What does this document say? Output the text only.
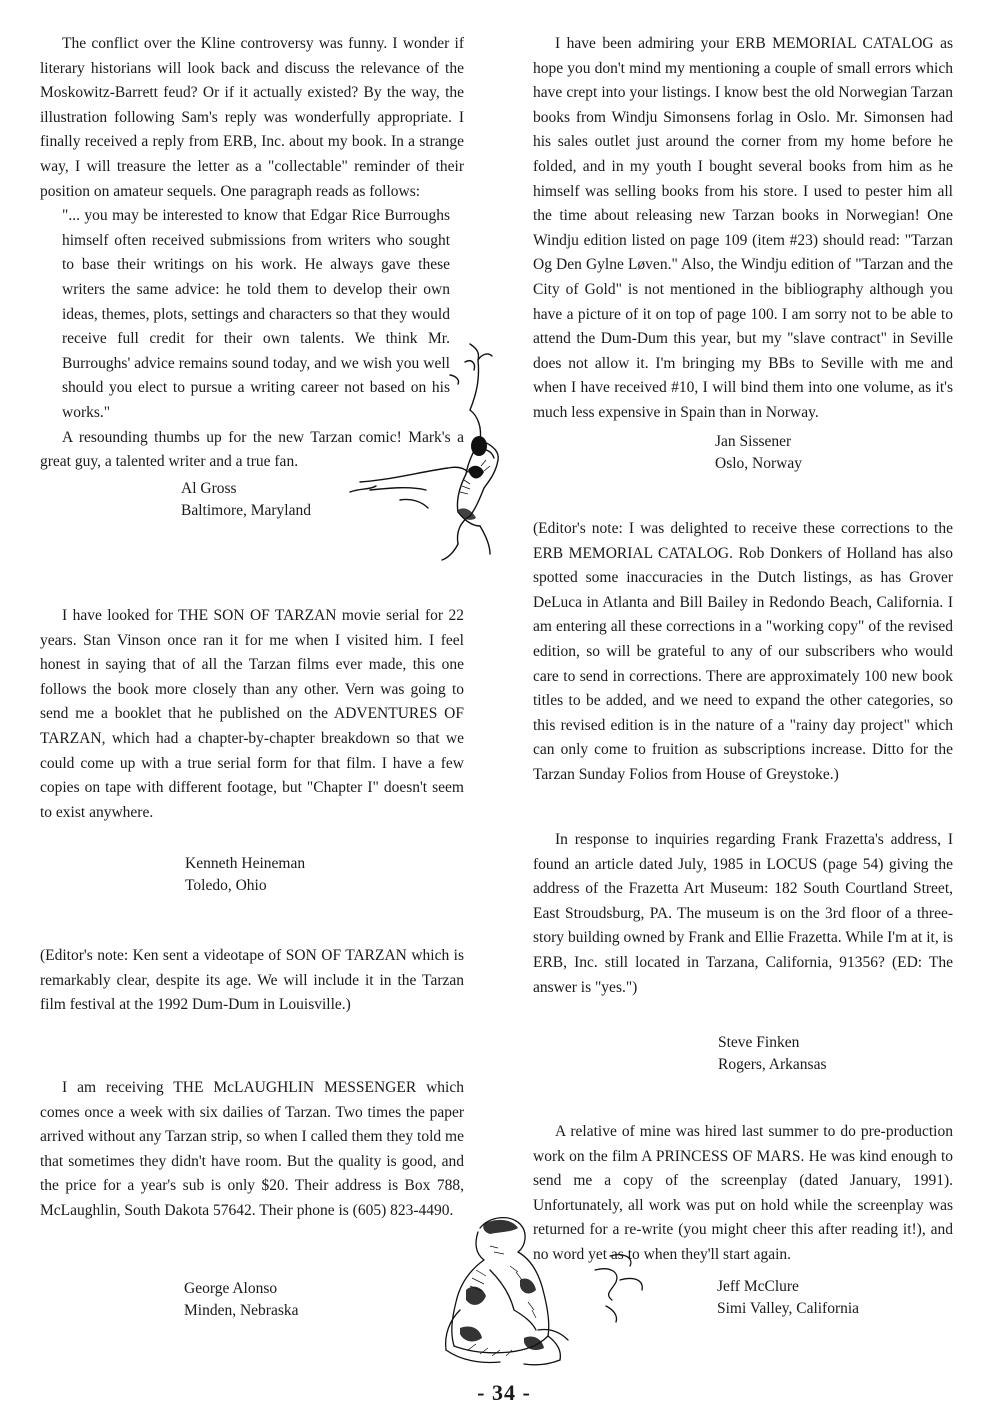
The conflict over the Kline controversy was funny. I wonder if literary historians will look back and discuss the relevance of the Moskowitz-Barrett feud? Or if it actually existed? By the way, the illustration following Sam's reply was wonderfully appropriate. I finally received a reply from ERB, Inc. about my book. In a strange way, I will treasure the letter as a "collectable" reminder of their position on amateur sequels. One paragraph reads as follows:

"... you may be interested to know that Edgar Rice Burroughs himself often received submissions from writers who sought to base their writings on his work. He always gave these writers the same advice: he told them to develop their own ideas, themes, plots, settings and characters so that they would receive full credit for their own talents. We think Mr. Burroughs' advice remains sound today, and we wish you well should you elect to pursue a writing career not based on his works."

A resounding thumbs up for the new Tarzan comic! Mark's a great guy, a talented writer and a true fan.

Al Gross
Baltimore, Maryland

I have looked for THE SON OF TARZAN movie serial for 22 years. Stan Vinson once ran it for me when I visited him. I feel honest in saying that of all the Tarzan films ever made, this one follows the book more closely than any other. Vern was going to send me a booklet that he published on the ADVENTURES OF TARZAN, which had a chapter-by-chapter breakdown so that we could come up with a true serial form for that film. I have a few copies on tape with different footage, but "Chapter I" doesn't seem to exist anywhere.

Kenneth Heineman
Toledo, Ohio

(Editor's note: Ken sent a videotape of SON OF TARZAN which is remarkably clear, despite its age. We will include it in the Tarzan film festival at the 1992 Dum-Dum in Louisville.)

I am receiving THE McLAUGHLIN MESSENGER which comes once a week with six dailies of Tarzan. Two times the paper arrived without any Tarzan strip, so when I called them they told me that sometimes they didn't have room. But the quality is good, and the price for a year's sub is only $20. Their address is Box 788, McLaughlin, South Dakota 57642. Their phone is (605) 823-4490.

George Alonso
Minden, Nebraska

I have been admiring your ERB MEMORIAL CATALOG as hope you don't mind my mentioning a couple of small errors which have crept into your listings. I know best the old Norwegian Tarzan books from Windju Simonsens forlag in Oslo. Mr. Simonsen had his sales outlet just around the corner from my home before he folded, and in my youth I bought several books from him as he himself was selling books from his store. I used to pester him all the time about releasing new Tarzan books in Norwegian! One Windju edition listed on page 109 (item #23) should read: "Tarzan Og Den Gylne Løven." Also, the Windju edition of "Tarzan and the City of Gold" is not mentioned in the bibliography although you have a picture of it on top of page 100. I am sorry not to be able to attend the Dum-Dum this year, but my "slave contract" in Seville does not allow it. I'm bringing my BBs to Seville with me and when I have received #10, I will bind them into one volume, as it's much less expensive in Spain than in Norway.

Jan Sissener
Oslo, Norway

(Editor's note: I was delighted to receive these corrections to the ERB MEMORIAL CATALOG. Rob Donkers of Holland has also spotted some inaccuracies in the Dutch listings, as has Grover DeLuca in Atlanta and Bill Bailey in Redondo Beach, California. I am entering all these corrections in a "working copy" of the revised edition, so will be grateful to any of our subscribers who would care to send in corrections. There are approximately 100 new book titles to be added, and we need to expand the other categories, so this revised edition is in the nature of a "rainy day project" which can only come to fruition as subscriptions increase. Ditto for the Tarzan Sunday Folios from House of Greystoke.)

In response to inquiries regarding Frank Frazetta's address, I found an article dated July, 1985 in LOCUS (page 54) giving the address of the Frazetta Art Museum: 182 South Courtland Street, East Stroudsburg, PA. The museum is on the 3rd floor of a three-story building owned by Frank and Ellie Frazetta. While I'm at it, is ERB, Inc. still located in Tarzana, California, 91356? (ED: The answer is "yes.")

Steve Finken
Rogers, Arkansas

A relative of mine was hired last summer to do pre-production work on the film A PRINCESS OF MARS. He was kind enough to send me a copy of the screenplay (dated January, 1991). Unfortunately, all work was put on hold while the screenplay was returned for a re-write (you might cheer this after reading it!), and no word yet as to when they'll start again.

Jeff McClure
Simi Valley, California
- 34 -
